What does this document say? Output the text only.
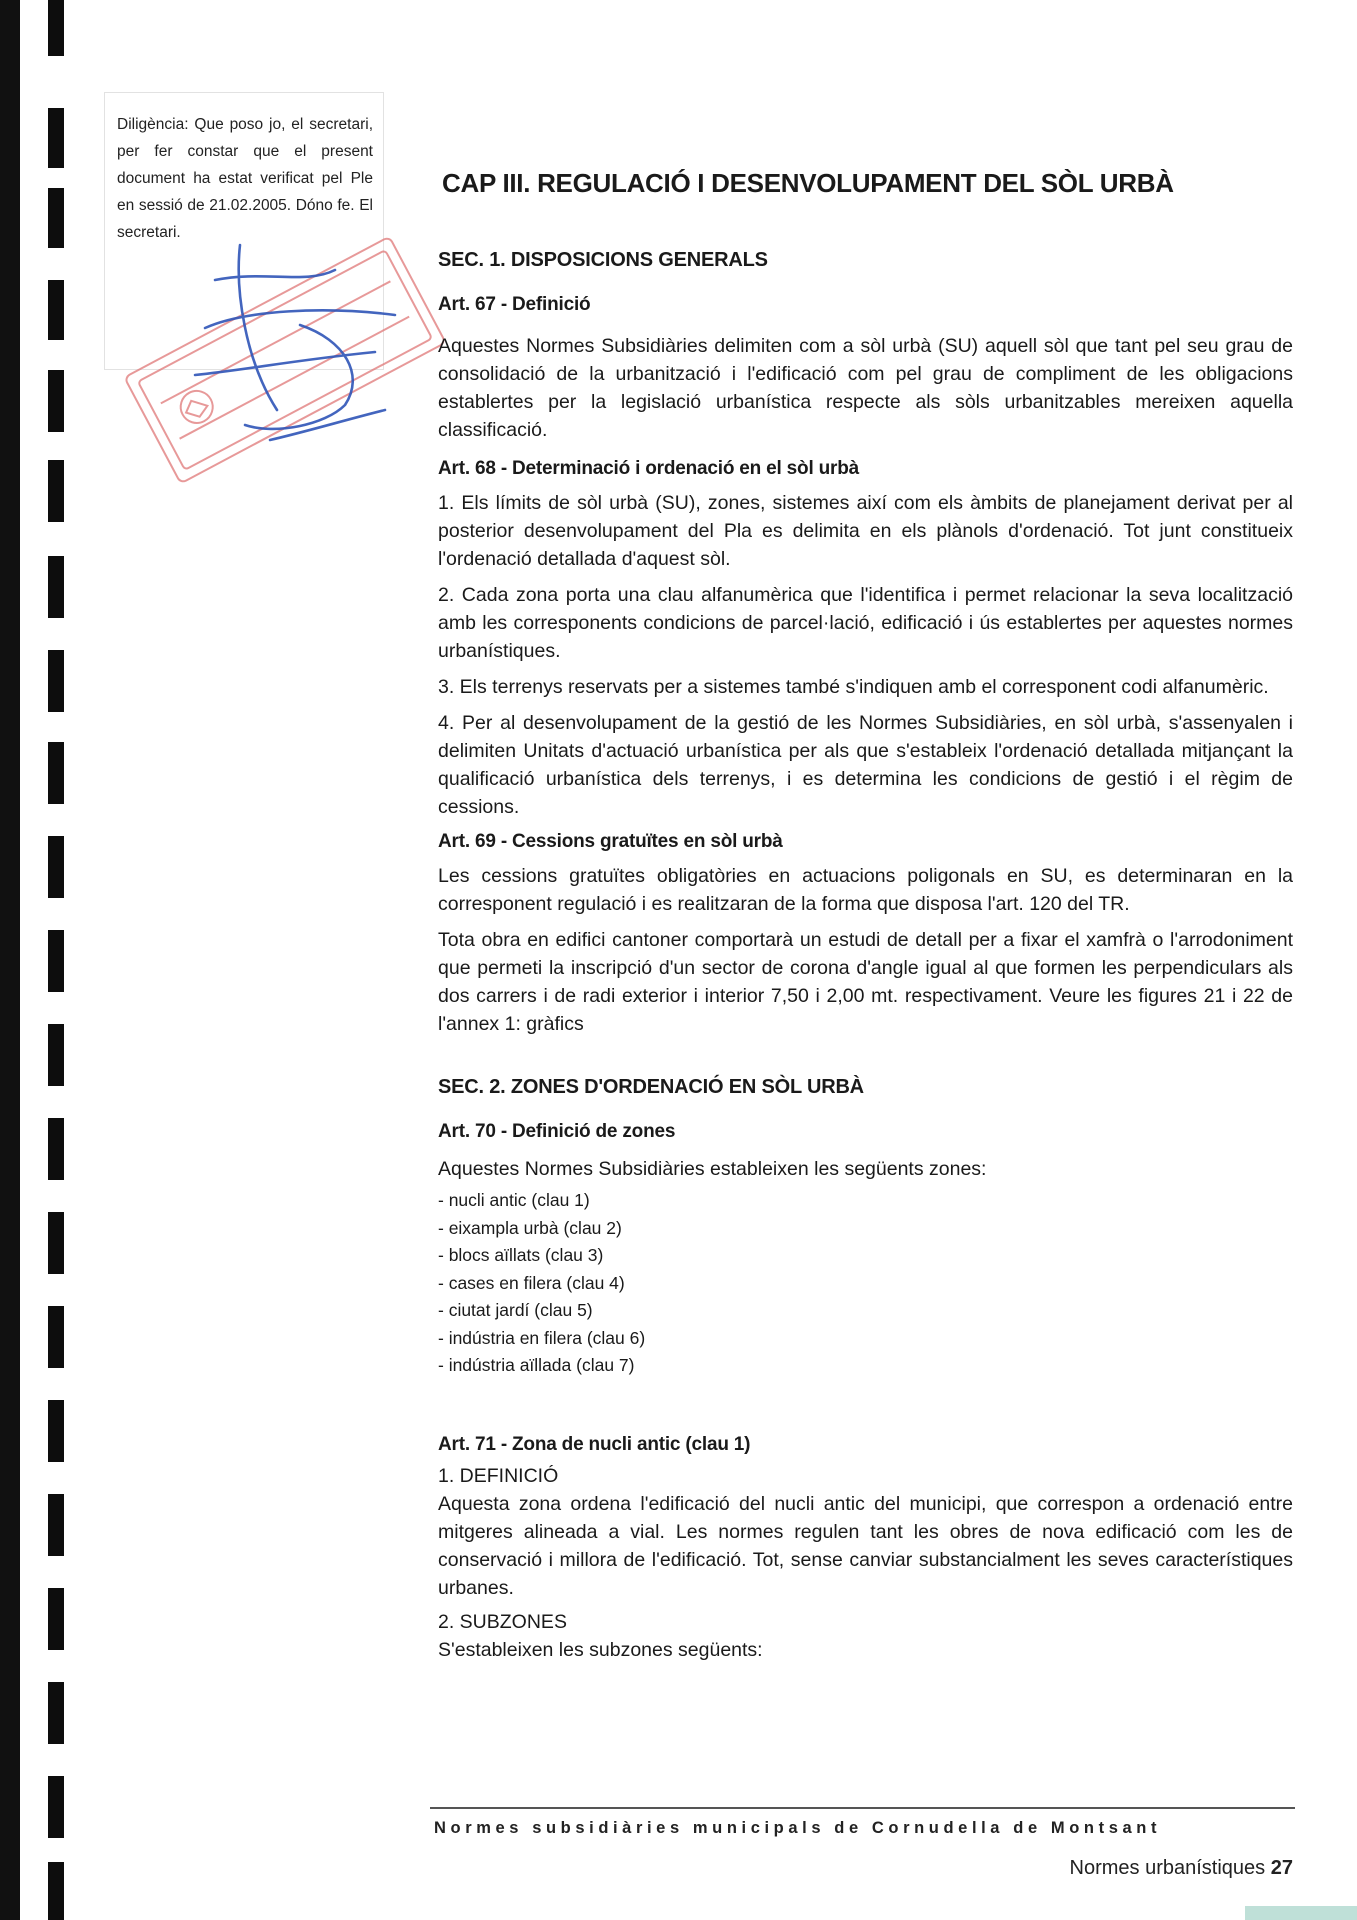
Diligència: Que poso jo, el secretari, per fer constar que el present document ha estat verificat pel Ple en sessió de 21.02.2005. Dóno fe. El secretari.
CAP III. REGULACIÓ I DESENVOLUPAMENT DEL SÒL URBÀ
SEC. 1. DISPOSICIONS GENERALS
Art. 67 - Definició

Aquestes Normes Subsidiàries delimiten com a sòl urbà (SU) aquell sòl que tant pel seu grau de consolidació de la urbanització i l'edificació com pel grau de compliment de les obligacions establertes per la legislació urbanística respecte als sòls urbanitzables mereixen aquella classificació.

Art. 68 - Determinació i ordenació en el sòl urbà

1. Els límits de sòl urbà (SU), zones, sistemes així com els àmbits de planejament derivat per al posterior desenvolupament del Pla es delimita en els plànols d'ordenació. Tot junt constitueix l'ordenació detallada d'aquest sòl.

2. Cada zona porta una clau alfanumèrica que l'identifica i permet relacionar la seva localització amb les corresponents condicions de parcel·lació, edificació i ús establertes per aquestes normes urbanístiques.

3. Els terrenys reservats per a sistemes també s'indiquen amb el corresponent codi alfanumèric.

4. Per al desenvolupament de la gestió de les Normes Subsidiàries, en sòl urbà, s'assenyalen i delimiten Unitats d'actuació urbanística per als que s'estableix l'ordenació detallada mitjançant la qualificació urbanística dels terrenys, i es determina les condicions de gestió i el règim de cessions.

Art. 69 - Cessions gratuïtes en sòl urbà

Les cessions gratuïtes obligatòries en actuacions poligonals en SU, es determinaran en la corresponent regulació i es realitzaran de la forma que disposa l'art. 120 del TR.

Tota obra en edifici cantoner comportarà un estudi de detall per a fixar el xamfrà o l'arrodoniment que permeti la inscripció d'un sector de corona d'angle igual al que formen les perpendiculars als dos carrers i de radi exterior i interior 7,50 i 2,00 mt. respectivament. Veure les figures 21 i 22 de l'annex 1: gràfics

SEC. 2. ZONES D'ORDENACIÓ EN SÒL URBÀ
Art. 70 - Definició de zones

Aquestes Normes Subsidiàries estableixen les següents zones:

- nucli antic (clau 1)
- eixampla urbà (clau 2)
- blocs aïllats (clau 3)
- cases en filera (clau 4)
- ciutat jardí (clau 5)
- indústria en filera (clau 6)
- indústria aïllada (clau 7)
Art. 71 - Zona de nucli antic (clau 1)

1. DEFINICIÓ

Aquesta zona ordena l'edificació del nucli antic del municipi, que correspon a ordenació entre mitgeres alineada a vial. Les normes regulen tant les obres de nova edificació com les de conservació i millora de l'edificació. Tot, sense canviar substancialment les seves característiques urbanes.

2. SUBZONES

S'estableixen les subzones següents:

Normes subsidiàries municipals de Cornudella de Montsant
Normes urbanístiques 27
